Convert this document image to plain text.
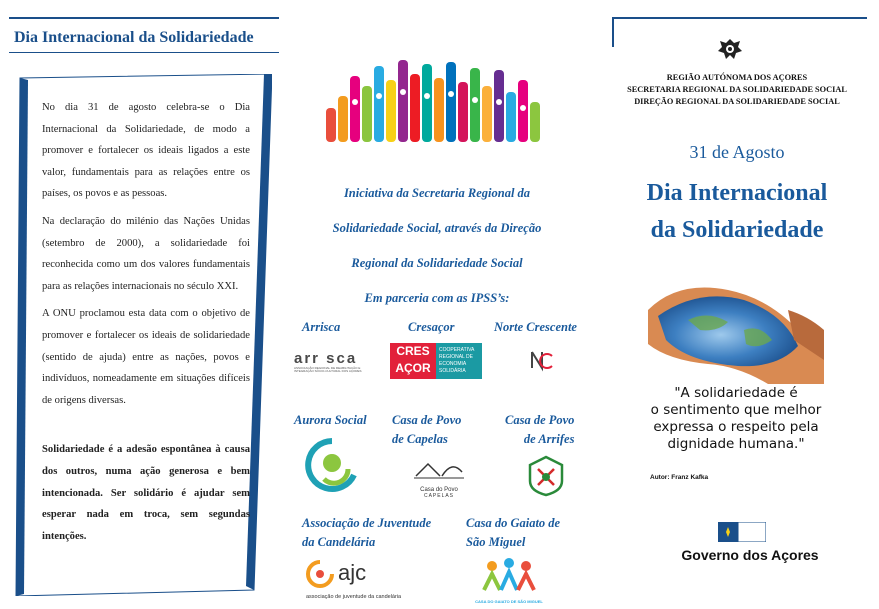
Dia Internacional da Solidariedade

No dia 31 de agosto celebra-se o Dia Internacional da Solidariedade, de modo a promover e fortalecer os ideais ligados a este valor, fundamentais para as relações entre os países, os povos e as pessoas.

Na declaração do milénio das Nações Unidas (setembro de 2000), a solidariedade foi reconhecida como um dos valores fundamentais para as relações internacionais no século XXI.

A ONU proclamou esta data com o objetivo de promover e fortalecer os ideais de solidariedade (sentido de ajuda) entre as nações, povos e indivíduos, nomeadamente em situações difíceis de origens diversas.

Solidariedade é a adesão espontânea à causa dos outros, numa ação generosa e bem intencionada. Ser solidário é ajudar sem esperar nada em troca, sem segundas intenções.

Iniciativa da Secretaria Regional da
Solidariedade Social, através da Direção
Regional da Solidariedade Social
Em parceria com as IPSS’s:
Arrisca	Cresaçor	Norte Crescente
arr sca
ASSOCIAÇÃO REGIONAL DE REABILITAÇÃO E INTEGRAÇÃO SÓCIO-CULTURAL DOS AÇORES
CRES
AÇOR
COOPERATIVA REGIONAL DE ECONOMIA SOLIDÁRIA
Aurora Social Casa de Povo
de Capelas
Casa de Povo
de Arrifes
Casa do Povo
CAPELAS
Associação de Juventude
da Candelária
Casa do Gaiato de
São Miguel
ajc
associação de juventude da candelária
CASA DO GAIATO DE SÃO MIGUEL
REGIÃO AUTÓNOMA DOS AÇORES
SECRETARIA REGIONAL DA SOLIDARIEDADE SOCIAL
DIREÇÃO REGIONAL DA SOLIDARIEDADE SOCIAL
31 de Agosto
Dia Internacional
da Solidariedade
"A solidariedade é
o sentimento que melhor
expressa o respeito pela
dignidade humana."
Autor: Franz Kafka
Governo dos Açores
